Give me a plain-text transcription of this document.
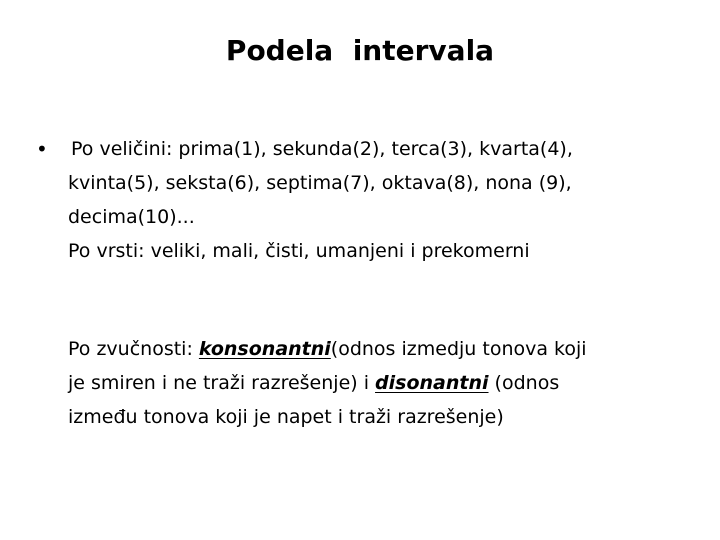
Podela  intervala
• Po veličini: prima(1), sekunda(2), terca(3), kvarta(4),
kvinta(5), seksta(6), septima(7), oktava(8), nona (9),
decima(10)...
Po vrsti: veliki, mali, čisti, umanjeni i prekomerni
Po zvučnosti: konsonantni(odnos izmedju tonova koji
je smiren i ne traži razrešenje) i disonantni (odnos
između tonova koji je napet i traži razrešenje)
